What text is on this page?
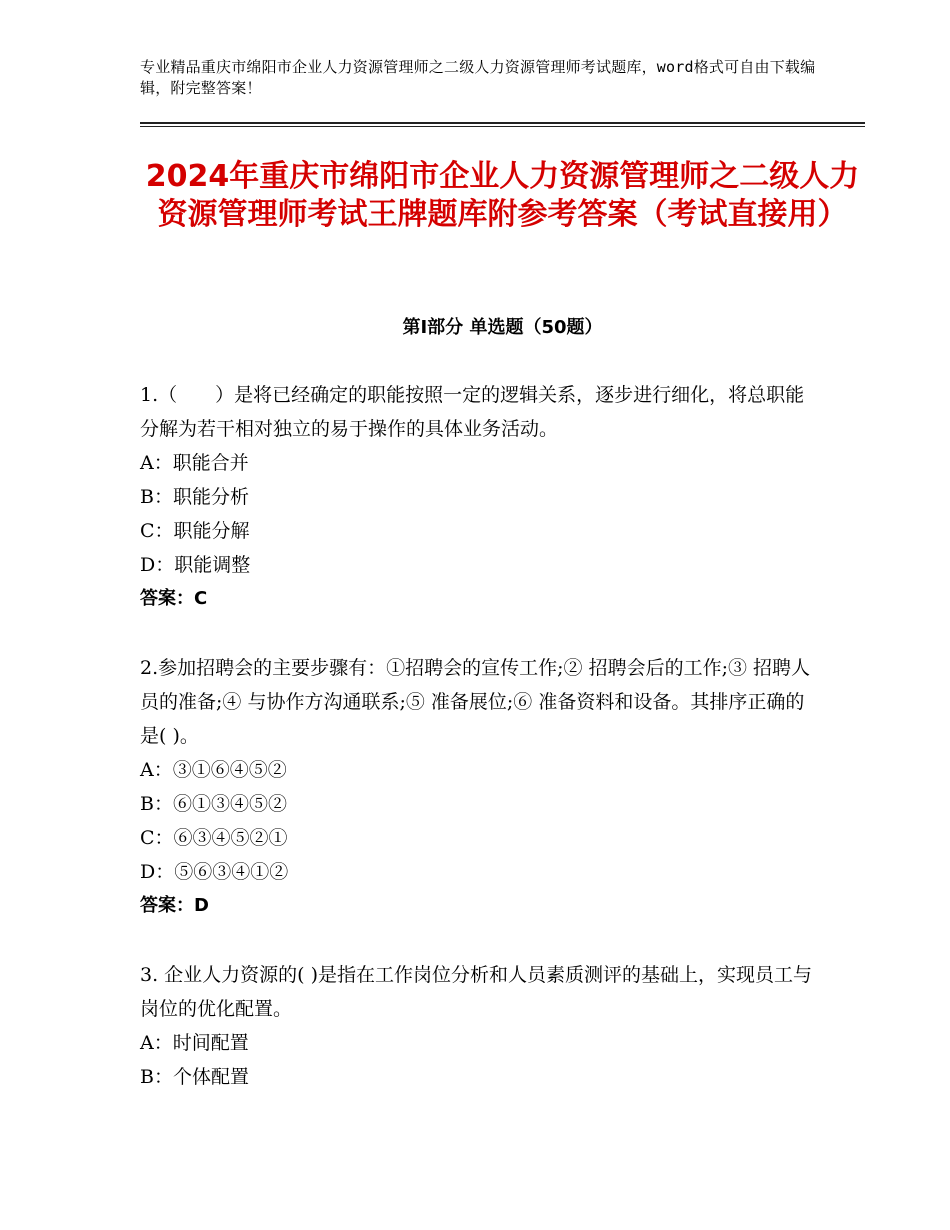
专业精品重庆市绵阳市企业人力资源管理师之二级人力资源管理师考试题库，word格式可自由下载编辑，附完整答案！
2024年重庆市绵阳市企业人力资源管理师之二级人力资源管理师考试王牌题库附参考答案（考试直接用）
第Ⅰ部分 单选题（50题）

1.（　　）是将已经确定的职能按照一定的逻辑关系，逐步进行细化，将总职能分解为若干相对独立的易于操作的具体业务活动。

A：职能合并

B：职能分析

C：职能分解

D：职能调整

答案：C

2.参加招聘会的主要步骤有：①招聘会的宣传工作;② 招聘会后的工作;③ 招聘人员的准备;④ 与协作方沟通联系;⑤ 准备展位;⑥ 准备资料和设备。其排序正确的是( )。

A：③①⑥④⑤②

B：⑥①③④⑤②

C：⑥③④⑤②①

D：⑤⑥③④①②

答案：D

3. 企业人力资源的( )是指在工作岗位分析和人员素质测评的基础上，实现员工与岗位的优化配置。

A：时间配置

B：个体配置
